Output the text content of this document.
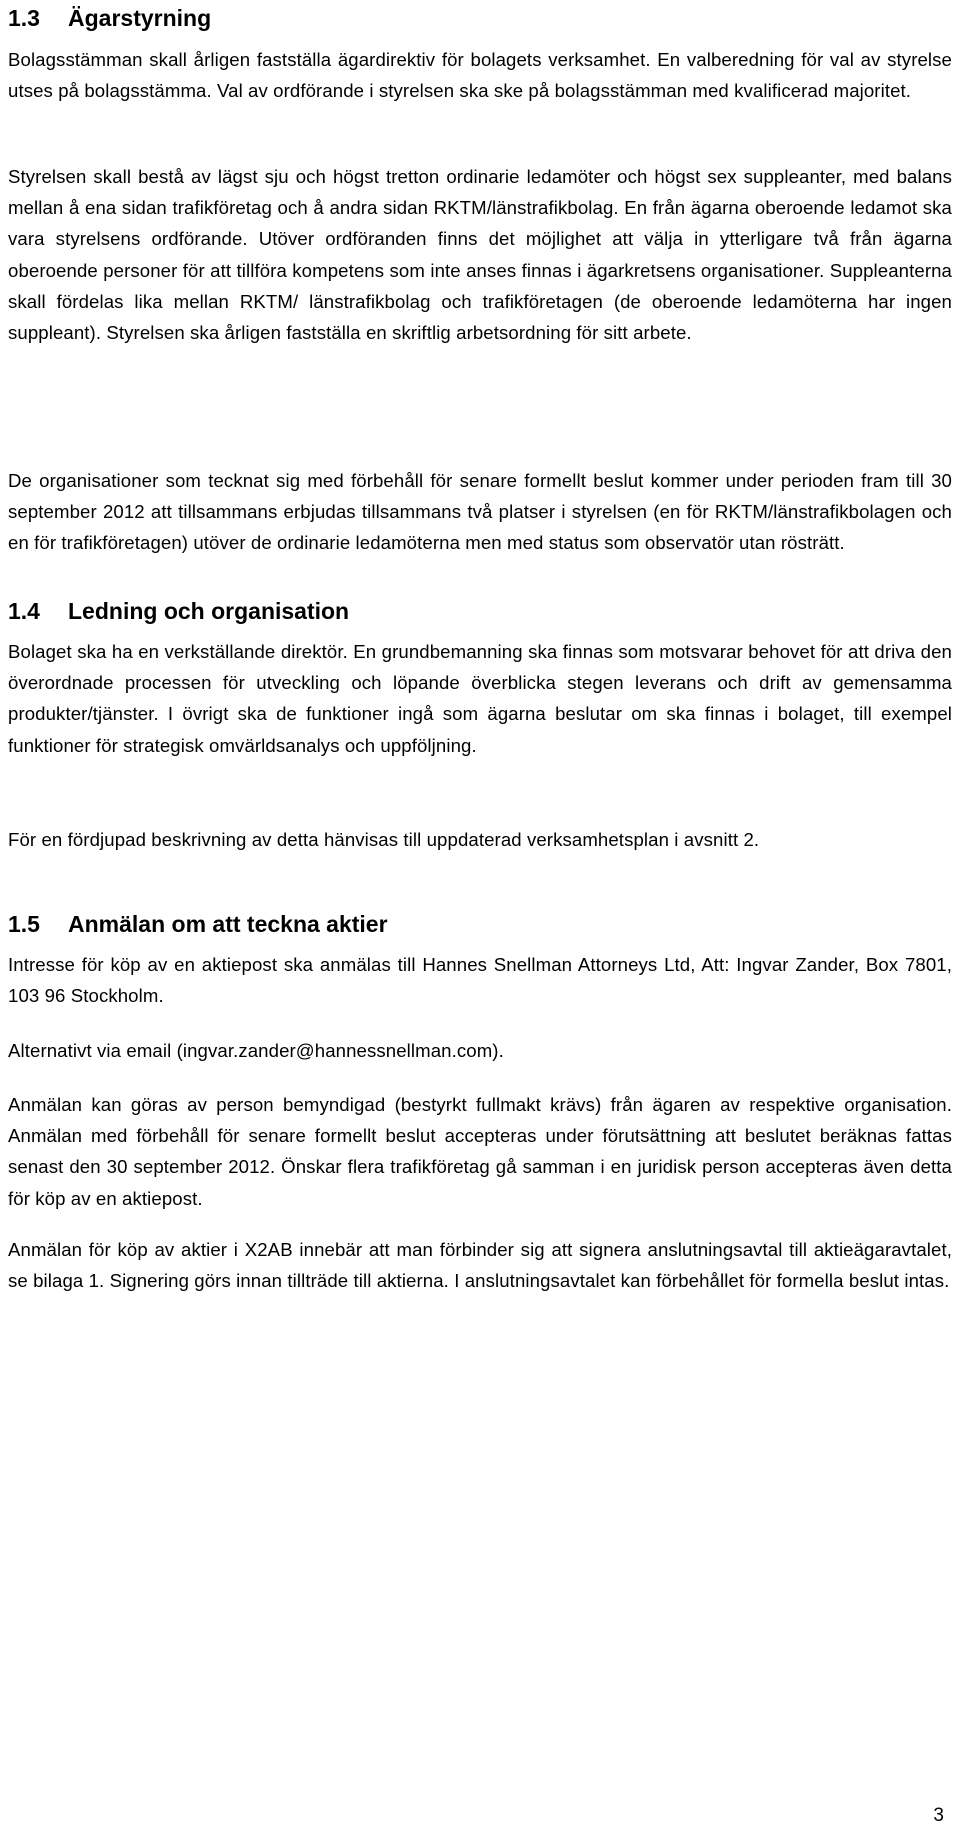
1.3 Ägarstyrning

Bolagsstämman skall årligen fastställa ägardirektiv för bolagets verksamhet. En valberedning för val av styrelse utses på bolagsstämma. Val av ordförande i styrelsen ska ske på bolagsstämman med kvalificerad majoritet.

Styrelsen skall bestå av lägst sju och högst tretton ordinarie ledamöter och högst sex suppleanter, med balans mellan å ena sidan trafikföretag och å andra sidan RKTM/länstrafikbolag. En från ägarna oberoende ledamot ska vara styrelsens ordförande. Utöver ordföranden finns det möjlighet att välja in ytterligare två från ägarna oberoende personer för att tillföra kompetens som inte anses finnas i ägarkretsens organisationer. Suppleanterna skall fördelas lika mellan RKTM/ länstrafikbolag och trafikföretagen (de oberoende ledamöterna har ingen suppleant). Styrelsen ska årligen fastställa en skriftlig arbetsordning för sitt arbete.

De organisationer som tecknat sig med förbehåll för senare formellt beslut kommer under perioden fram till 30 september 2012 att tillsammans erbjudas tillsammans två platser i styrelsen (en för RKTM/länstrafikbolagen och en för trafikföretagen) utöver de ordinarie ledamöterna men med status som observatör utan rösträtt.

1.4 Ledning och organisation

Bolaget ska ha en verkställande direktör. En grundbemanning ska finnas som motsvarar behovet för att driva den överordnade processen för utveckling och löpande överblicka stegen leverans och drift av gemensamma produkter/tjänster. I övrigt ska de funktioner ingå som ägarna beslutar om ska finnas i bolaget, till exempel funktioner för strategisk omvärldsanalys och uppföljning.

För en fördjupad beskrivning av detta hänvisas till uppdaterad verksamhetsplan i avsnitt 2.

1.5 Anmälan om att teckna aktier

Intresse för köp av en aktiepost ska anmälas till Hannes Snellman Attorneys Ltd, Att: Ingvar Zander, Box 7801, 103 96 Stockholm.

Alternativt via email (ingvar.zander@hannessnellman.com).

Anmälan kan göras av person bemyndigad (bestyrkt fullmakt krävs) från ägaren av respektive organisation. Anmälan med förbehåll för senare formellt beslut accepteras under förutsättning att beslutet beräknas fattas senast den 30 september 2012. Önskar flera trafikföretag gå samman i en juridisk person accepteras även detta för köp av en aktiepost.

Anmälan för köp av aktier i X2AB innebär att man förbinder sig att signera anslutningsavtal till aktieägaravtalet, se bilaga 1. Signering görs innan tillträde till aktierna. I anslutningsavtalet kan förbehållet för formella beslut intas.

3
